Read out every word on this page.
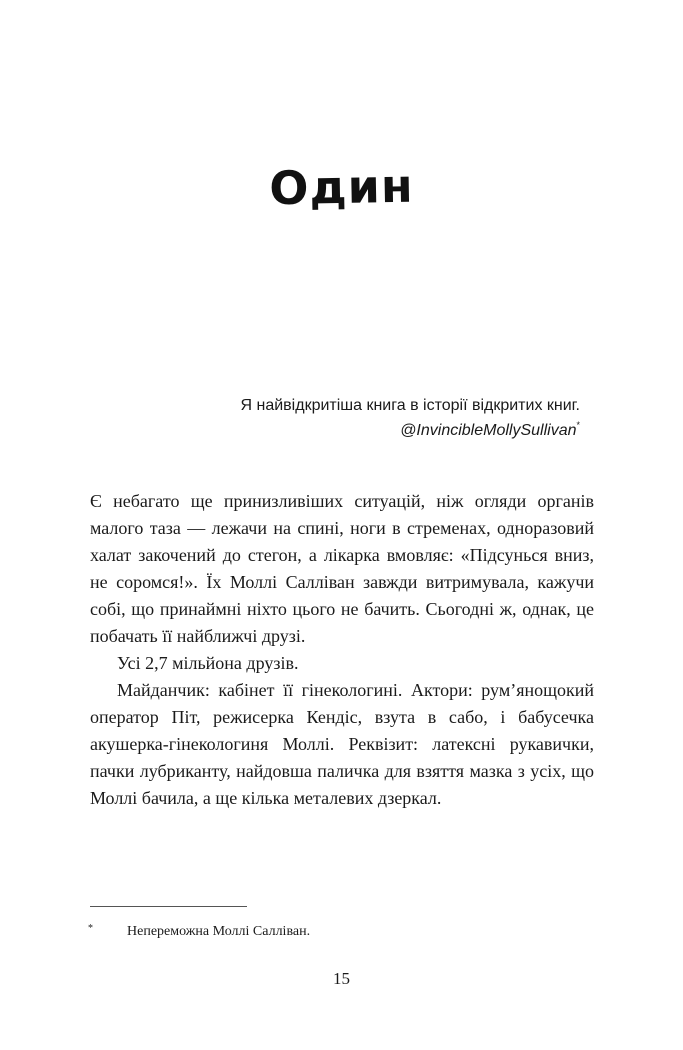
Один
Я найвідкритіша книга в історії відкритих книг.
@InvincibleMollySullivan*

Є небагато ще принизливіших ситуацій, ніж огляди органів малого таза — лежачи на спині, ноги в стременах, одноразовий халат закочений до стегон, а лікарка вмовляє: «Підсунься вниз, не соромся!». Їх Моллі Салліван завжди витримувала, кажучи собі, що принаймні ніхто цього не бачить. Сьогодні ж, однак, це побачать її найближчі друзі.

Усі 2,7 мільйона друзів.

Майданчик: кабінет її гінекологині. Актори: рум’янощокий оператор Піт, режисерка Кендіс, взута в сабо, і бабусечка акушерка-гінекологиня Моллі. Реквізит: латексні рукавички, пачки лубриканту, найдовша паличка для взяття мазка з усіх, що Моллі бачила, а ще кілька металевих дзеркал.

* Непереможна Моллі Салліван.
15
